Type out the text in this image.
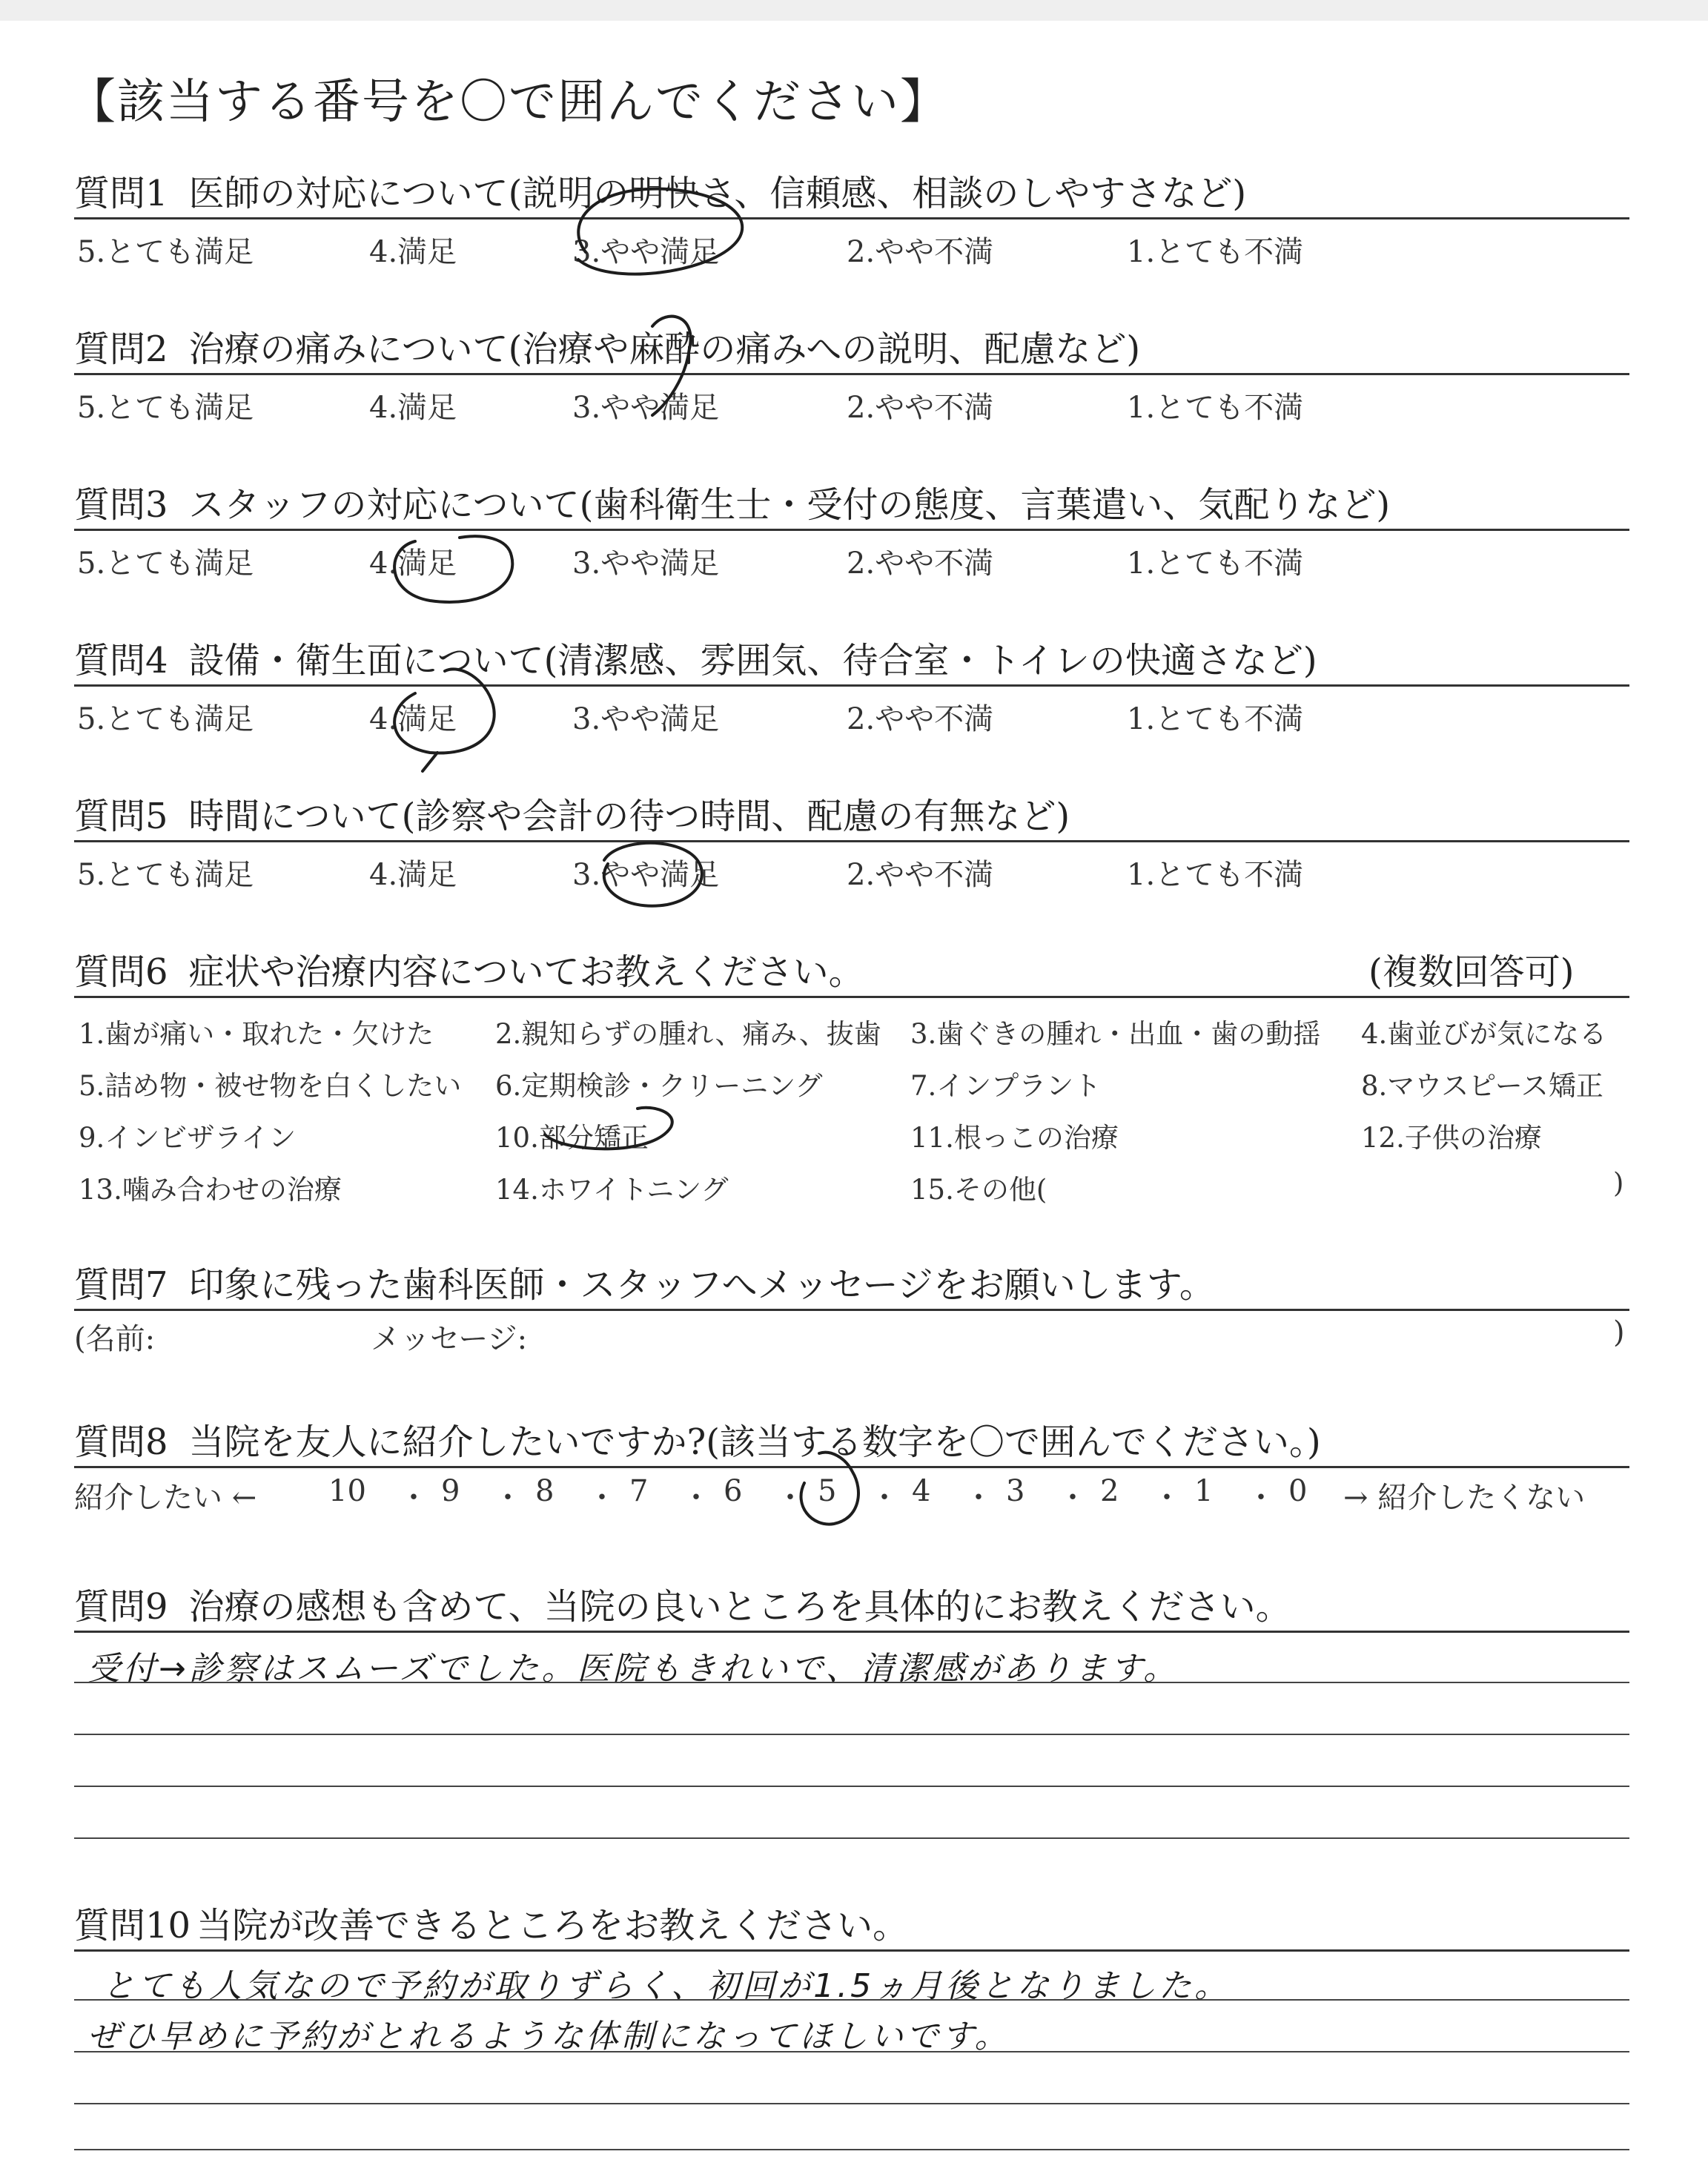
【該当する番号を〇で囲んでください】
質問1 医師の対応について(説明の明快さ、信頼感、相談のしやすさなど)
5.とても満足	4.満足	3.やや満足	2.やや不満	1.とても不満
質問2 治療の痛みについて(治療や麻酔の痛みへの説明、配慮など)
5.とても満足	4.満足	3.やや満足	2.やや不満	1.とても不満
質問3 スタッフの対応について(歯科衛生士・受付の態度、言葉遣い、気配りなど)
5.とても満足	4.満足	3.やや満足	2.やや不満	1.とても不満
質問4 設備・衛生面について(清潔感、雰囲気、待合室・トイレの快適さなど)
5.とても満足	4.満足	3.やや満足	2.やや不満	1.とても不満
質問5 時間について(診察や会計の待つ時間、配慮の有無など)
5.とても満足	4.満足	3.やや満足	2.やや不満	1.とても不満
質問6 症状や治療内容についてお教えください。	(複数回答可)
1.歯が痛い・取れた・欠けた 2.親知らずの腫れ、痛み、抜歯 3.歯ぐきの腫れ・出血・歯の動揺 4.歯並びが気になる
5.詰め物・被せ物を白くしたい 6.定期検診・クリーニング	7.インプラント	8.マウスピース矯正
9.インビザライン	10.部分矯正	11.根っこの治療	12.子供の治療
13.噛み合わせの治療	14.ホワイトニング	15.その他(	)
質問7 印象に残った歯科医師・スタッフへメッセージをお願いします。
(名前:	メッセージ:	)
質問8 当院を友人に紹介したいですか?(該当する数字を〇で囲んでください。)
紹介したい ← 10 ・ 9 ・ 8 ・ 7 ・ 6 ・ 5 ・ 4 ・ 3 ・ 2 ・ 1 ・ 0 → 紹介したくない
質問9 治療の感想も含めて、当院の良いところを具体的にお教えください。
受付→診察はスムーズでした。医院もきれいで、清潔感があります。
質問10 当院が改善できるところをお教えください。
とても人気なので予約が取りずらく、初回が1.5ヵ月後となりました。
ぜひ早めに予約がとれるような体制になってほしいです。
